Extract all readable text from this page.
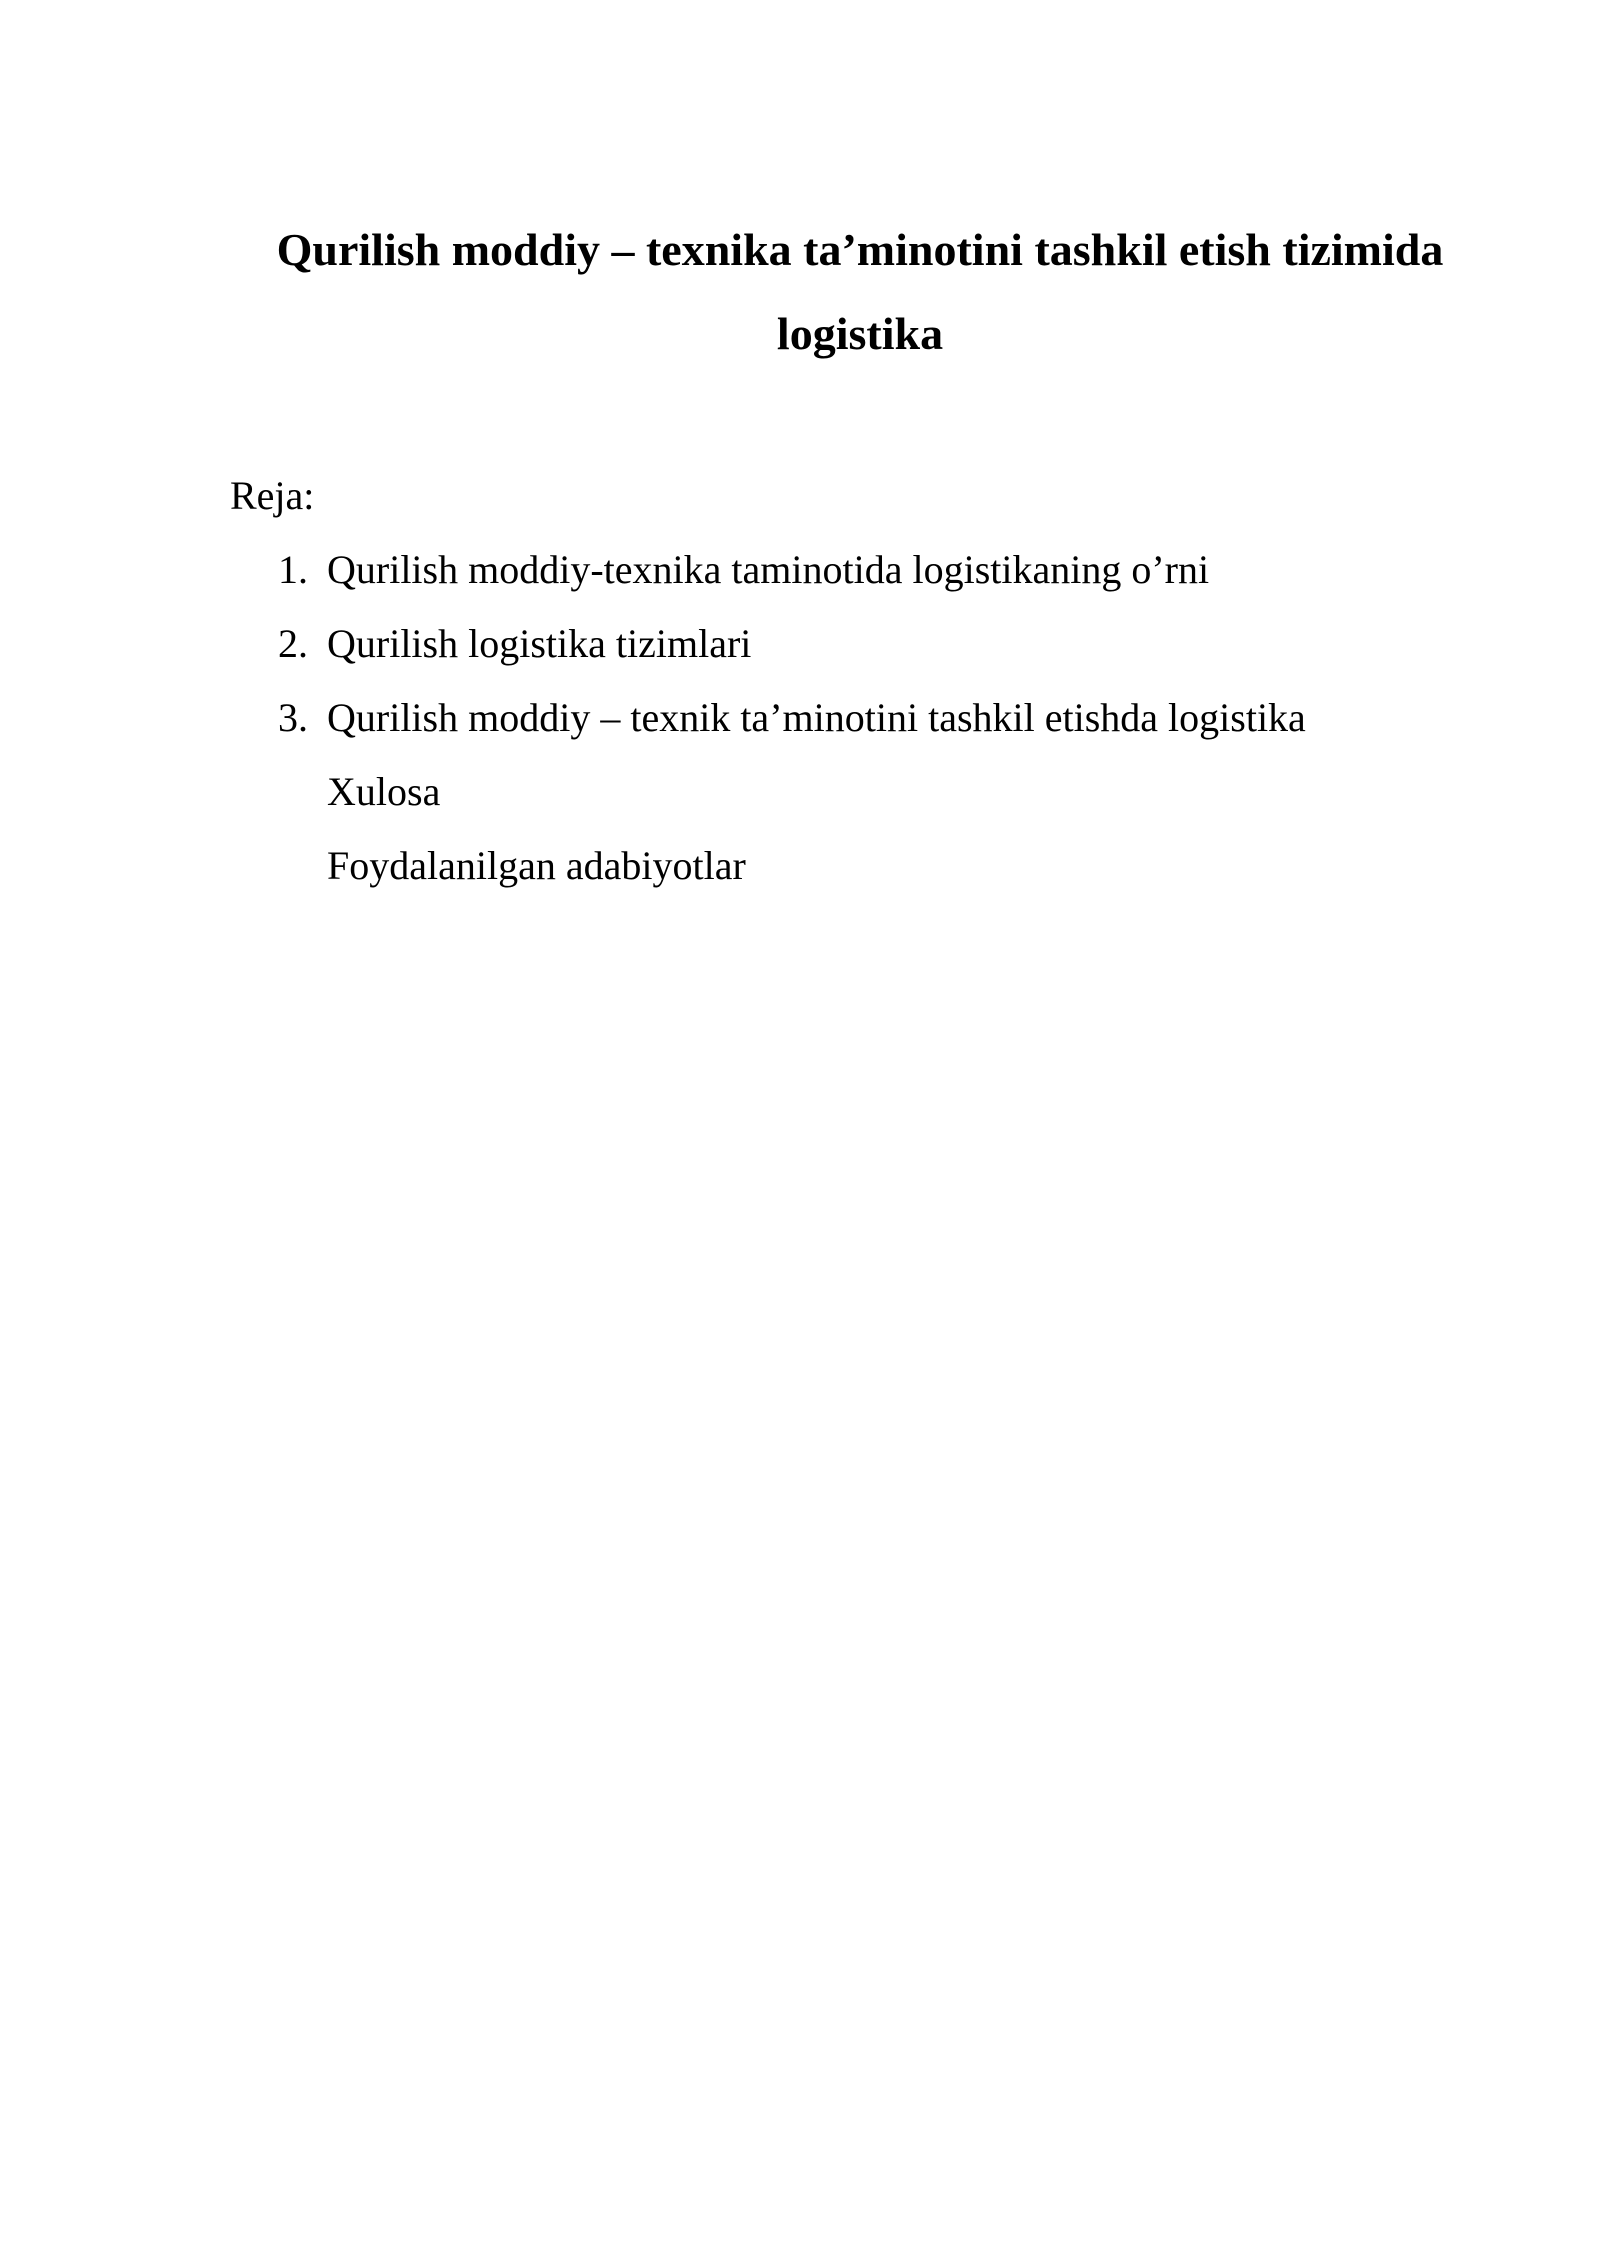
Qurilish moddiy – texnika ta’minotini tashkil etish tizimida
logistika

Reja:

1. Qurilish moddiy-texnika taminotida logistikaning o’rni
2. Qurilish logistika tizimlari
3. Qurilish moddiy – texnik ta’minotini tashkil etishda logistika
Xulosa
Foydalanilgan adabiyotlar
